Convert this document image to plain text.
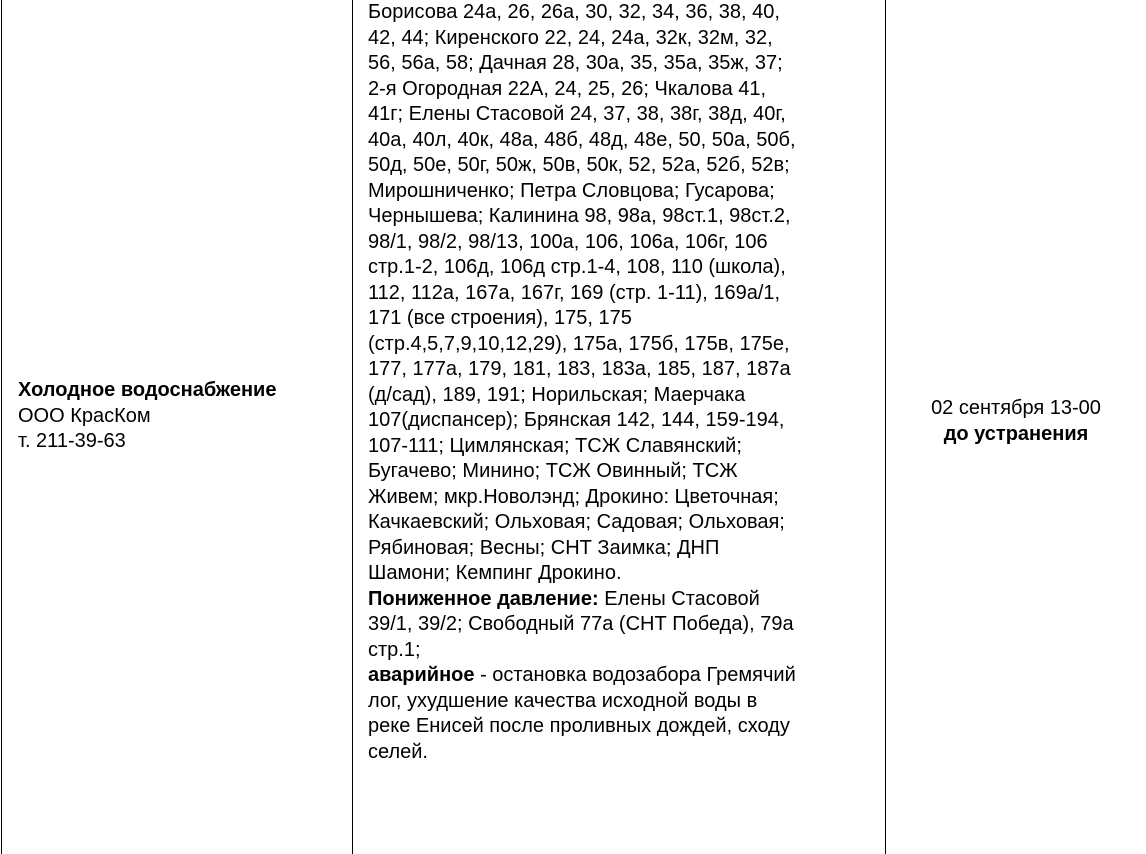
Холодное водоснабжение
ООО КрасКом
т. 211-39-63
Борисова 24а, 26, 26а, 30, 32, 34, 36, 38, 40,
42, 44; Киренского 22, 24, 24а, 32к, 32м, 32,
56, 56а, 58; Дачная 28, 30а, 35, 35а, 35ж, 37;
2-я Огородная 22А, 24, 25, 26; Чкалова 41,
41г; Елены Стасовой 24, 37, 38, 38г, 38д, 40г,
40а, 40л, 40к, 48а, 48б, 48д, 48е, 50, 50а, 50б,
50д, 50е, 50г, 50ж, 50в, 50к, 52, 52а, 52б, 52в;
Мирошниченко; Петра Словцова; Гусарова;
Чернышева; Калинина 98, 98а, 98ст.1, 98ст.2,
98/1, 98/2, 98/13, 100а, 106, 106а, 106г, 106
стр.1-2, 106д, 106д стр.1-4, 108, 110 (школа),
112, 112а, 167а, 167г, 169 (стр. 1-11), 169а/1,
171 (все строения), 175, 175
(стр.4,5,7,9,10,12,29), 175а, 175б, 175в, 175е,
177, 177а, 179, 181, 183, 183а, 185, 187, 187а
(д/сад), 189, 191; Норильская; Маерчака
107(диспансер); Брянская 142, 144, 159-194,
107-111; Цимлянская; ТСЖ Славянский;
Бугачево; Минино; ТСЖ Овинный; ТСЖ
Живем; мкр.Новолэнд; Дрокино: Цветочная;
Качкаевский; Ольховая; Садовая; Ольховая;
Рябиновая; Весны; СНТ Заимка; ДНП
Шамони; Кемпинг Дрокино.
Пониженное давление: Елены Стасовой
39/1, 39/2; Свободный 77а (СНТ Победа), 79а
стр.1;
аварийное - остановка водозабора Гремячий
лог, ухудшение качества исходной воды в
реке Енисей после проливных дождей, сходу
селей.
02 сентября 13-00
до устранения
